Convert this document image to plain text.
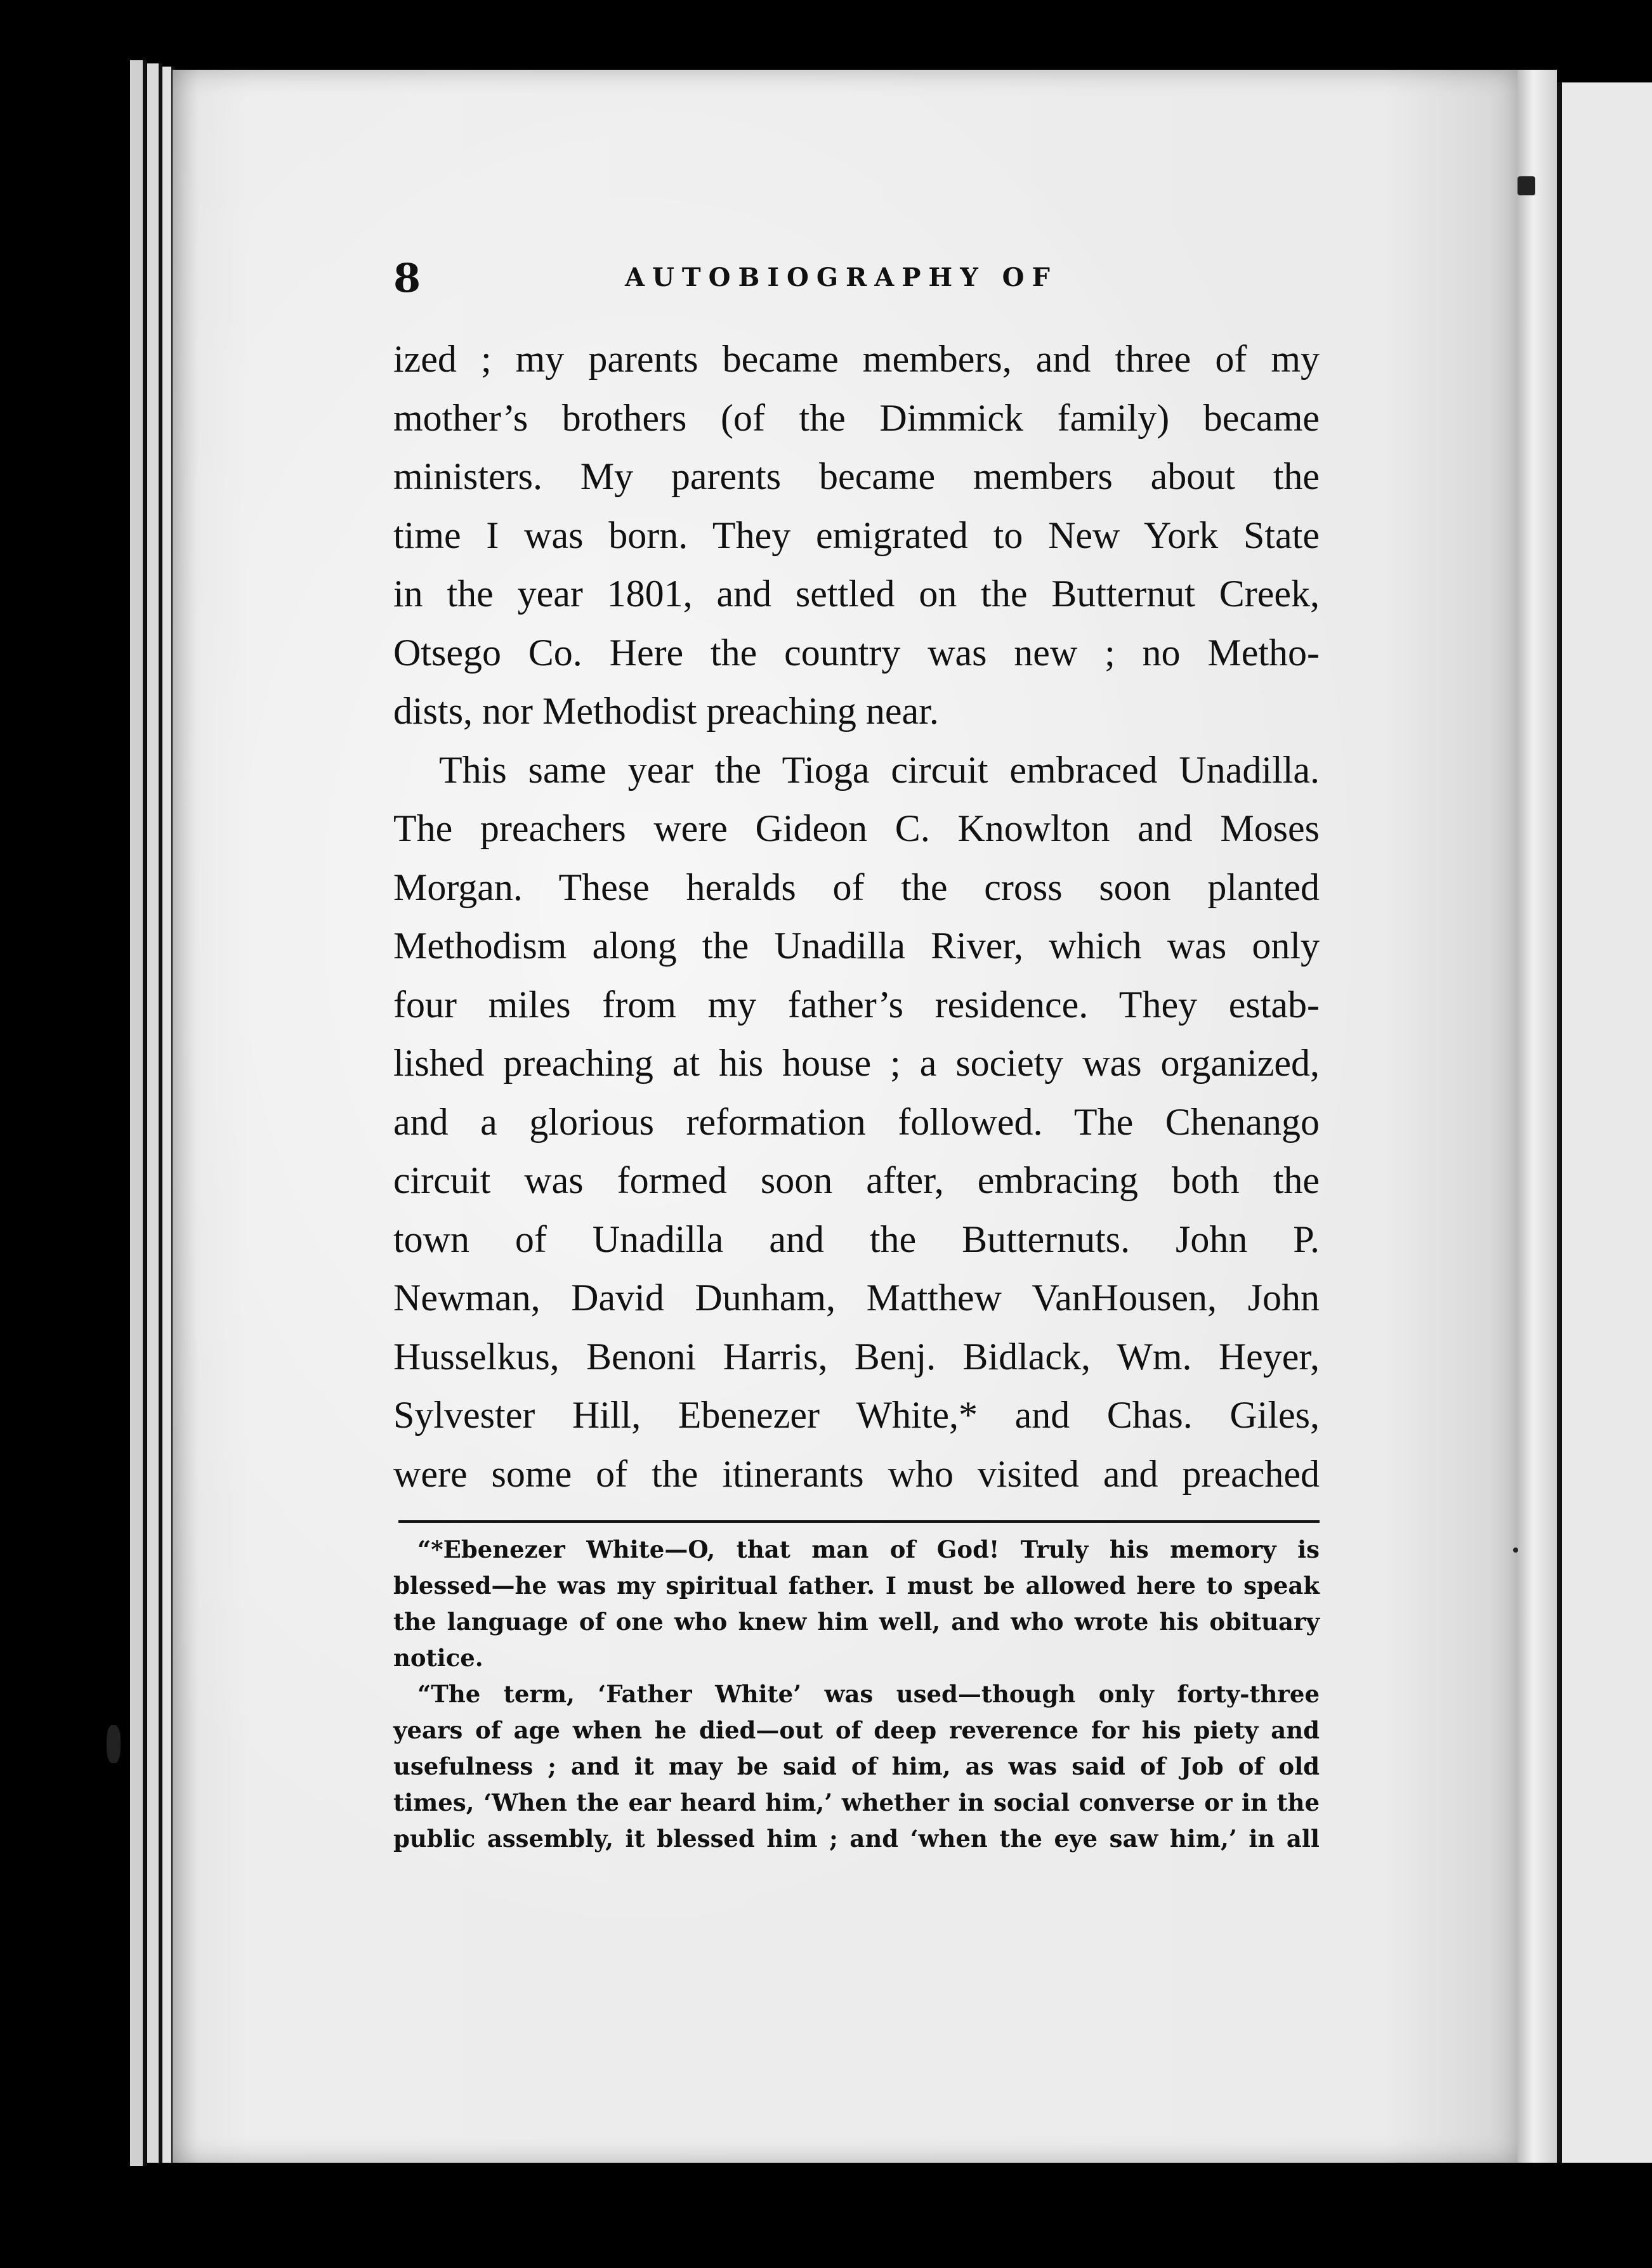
8	AUTOBIOGRAPHY OF
ized ; my parents became members, and three of my
mother’s brothers (of the Dimmick family) became
ministers. My parents became members about the
time I was born. They emigrated to New York State
in the year 1801, and settled on the Butternut Creek,
Otsego Co. Here the country was new ; no Metho-
dists, nor Methodist preaching near.
This same year the Tioga circuit embraced Unadilla.
The preachers were Gideon C. Knowlton and Moses
Morgan. These heralds of the cross soon planted
Methodism along the Unadilla River, which was only
four miles from my father’s residence. They estab-
lished preaching at his house ; a society was organized,
and a glorious reformation followed. The Chenango
circuit was formed soon after, embracing both the
town of Unadilla and the Butternuts. John P.
Newman, David Dunham, Matthew VanHousen, John
Husselkus, Benoni Harris, Benj. Bidlack, Wm. Heyer,
Sylvester Hill, Ebenezer White,* and Chas. Giles,
were some of the itinerants who visited and preached
“*Ebenezer White—O, that man of God! Truly his memory is
blessed—he was my spiritual father. I must be allowed here to speak
the language of one who knew him well, and who wrote his obituary
notice.
“The term, ‘Father White’ was used—though only forty-three
years of age when he died—out of deep reverence for his piety and
usefulness ; and it may be said of him, as was said of Job of old
times, ‘When the ear heard him,’ whether in social converse or in the
public assembly, it blessed him ; and ‘when the eye saw him,’ in all
